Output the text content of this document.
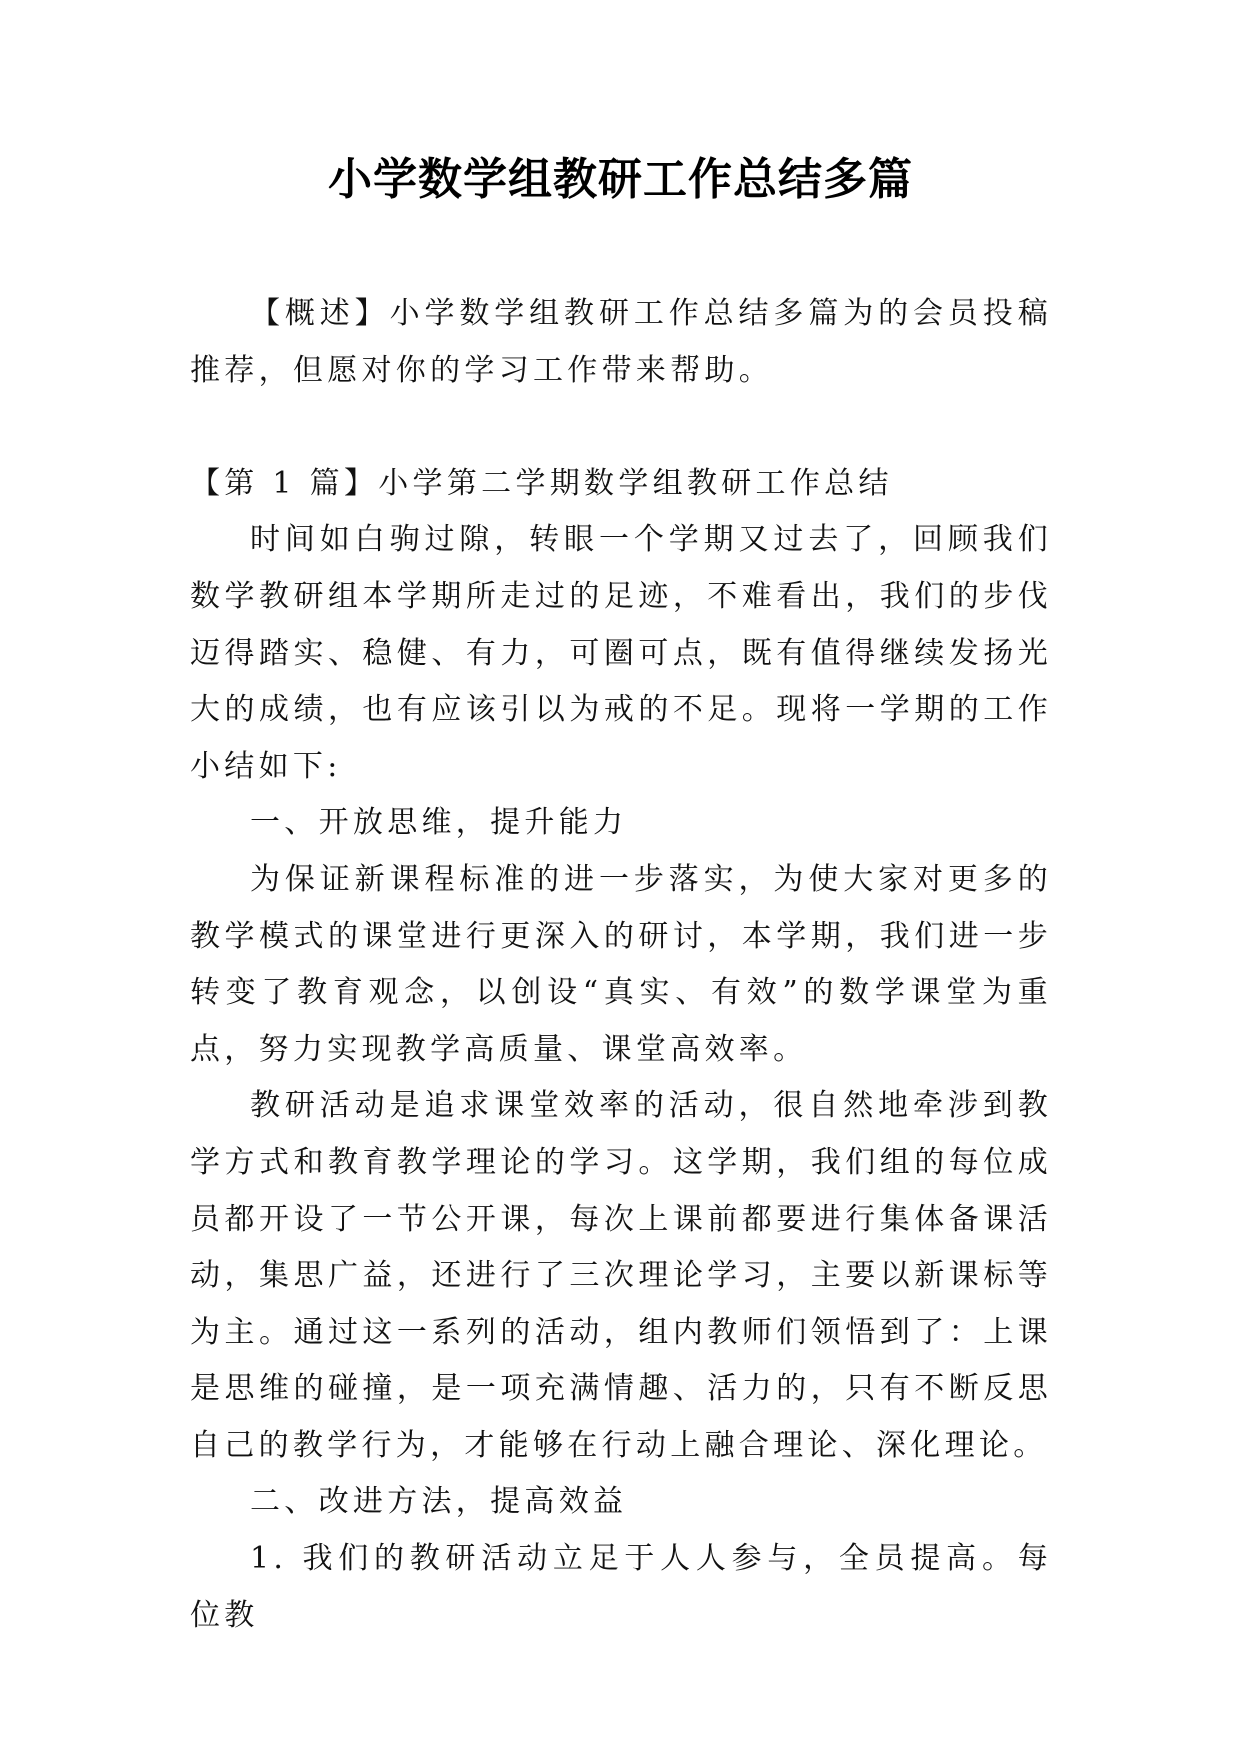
小学数学组教研工作总结多篇

【概述】小学数学组教研工作总结多篇为的会员投稿推荐，但愿对你的学习工作带来帮助。

【第 1 篇】小学第二学期数学组教研工作总结

时间如白驹过隙，转眼一个学期又过去了，回顾我们数学教研组本学期所走过的足迹，不难看出，我们的步伐迈得踏实、稳健、有力，可圈可点，既有值得继续发扬光大的成绩，也有应该引以为戒的不足。现将一学期的工作小结如下:

一、开放思维，提升能力

为保证新课程标准的进一步落实，为使大家对更多的教学模式的课堂进行更深入的研讨，本学期，我们进一步转变了教育观念，以创设“真实、有效”的数学课堂为重点，努力实现教学高质量、课堂高效率。

教研活动是追求课堂效率的活动，很自然地牵涉到教学方式和教育教学理论的学习。这学期，我们组的每位成员都开设了一节公开课，每次上课前都要进行集体备课活动，集思广益，还进行了三次理论学习，主要以新课标等为主。通过这一系列的活动，组内教师们领悟到了：上课是思维的碰撞，是一项充满情趣、活力的，只有不断反思自己的教学行为，才能够在行动上融合理论、深化理论。

二、改进方法，提高效益

1. 我们的教研活动立足于人人参与，全员提高。每位教
